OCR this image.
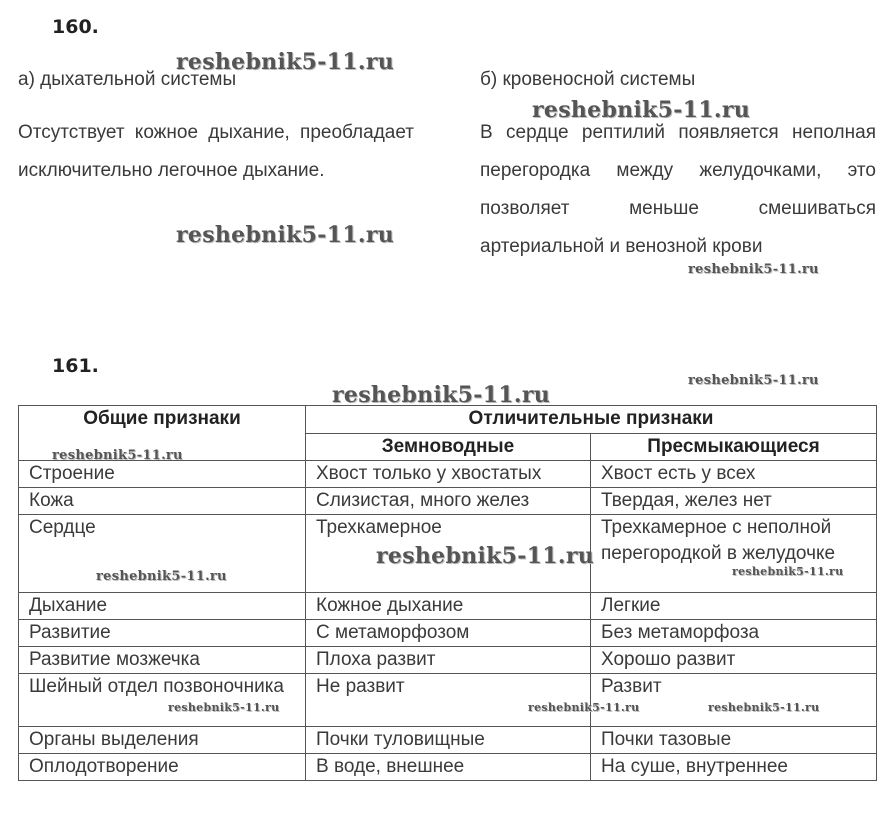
160.
а) дыхательной системы	б) кровеносной системы
Отсутствует кожное дыхание, преобладает исключительно легочное дыхание.
В сердце рептилий появляется неполная перегородка между желудочками, это позволяет меньше смешиваться артериальной и венозной крови
161.
Общие признаки	Отличительные признаки	
	Земноводные	Пресмыкающиеся
Строение	Хвост только у хвостатых	Хвост есть у всех
Кожа	Слизистая, много желез	Твердая, желез нет
Сердце	Трехкамерное	Трехкамерное с неполной перегородкой в желудочке
Дыхание	Кожное дыхание	Легкие
Развитие	С метаморфозом	Без метаморфоза
Развитие мозжечка	Плоха развит	Хорошо развит
Шейный отдел позвоночника	Не развит	Развит
Органы выделения	Почки туловищные	Почки тазовые
Оплодотворение	В воде, внешнее	На суше, внутреннее
reshebnik5-11.ru
reshebnik5-11.ru
reshebnik5-11.ru
reshebnik5-11.ru
reshebnik5-11.ru
reshebnik5-11.ru
reshebnik5-11.ru
reshebnik5-11.ru
reshebnik5-11.ru	reshebnik5-11.ru
reshebnik5-11.ru	reshebnik5-11.ru	reshebnik5-11.ru
